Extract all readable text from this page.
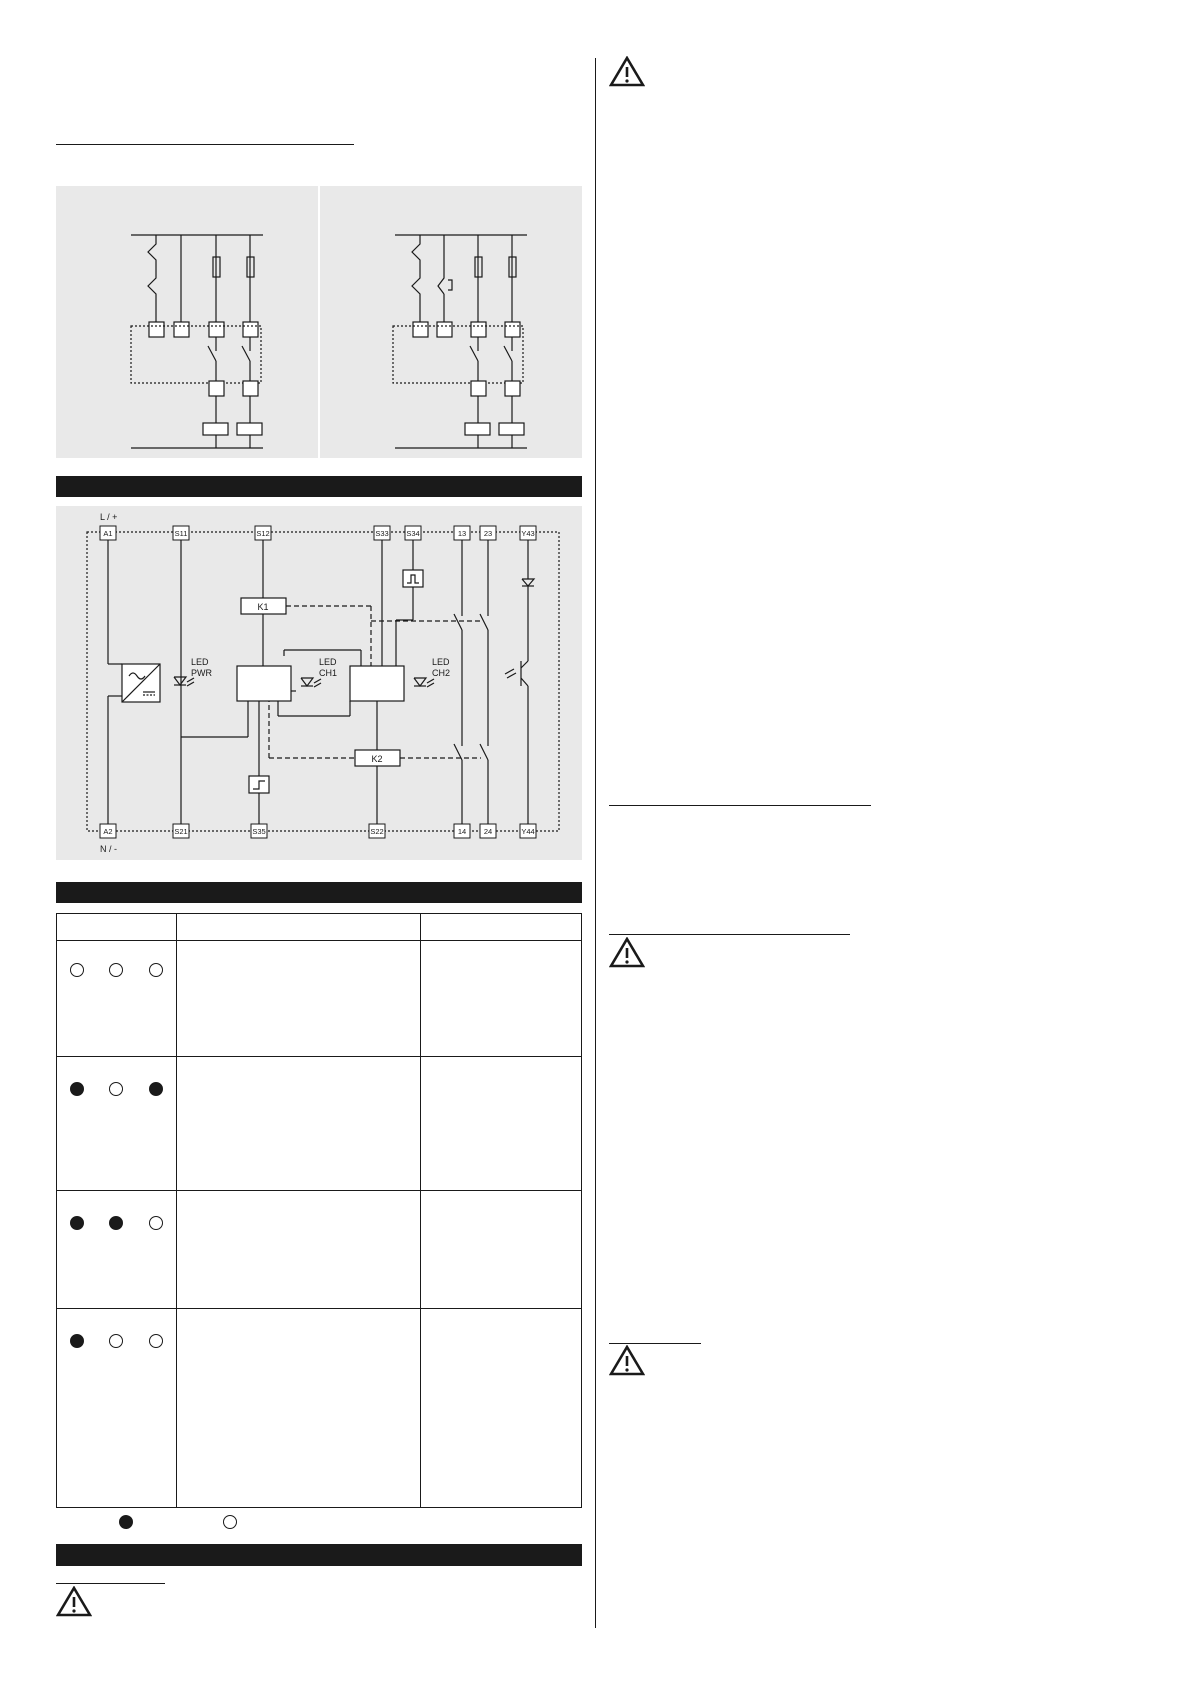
A1	S11	S12	S33 S34	13 23	Y43
A2	S21	S35	S22	14 24	Y44
L / +
N / -
K1
K2
LED
PWR
LED
CH1
LED
CH2
